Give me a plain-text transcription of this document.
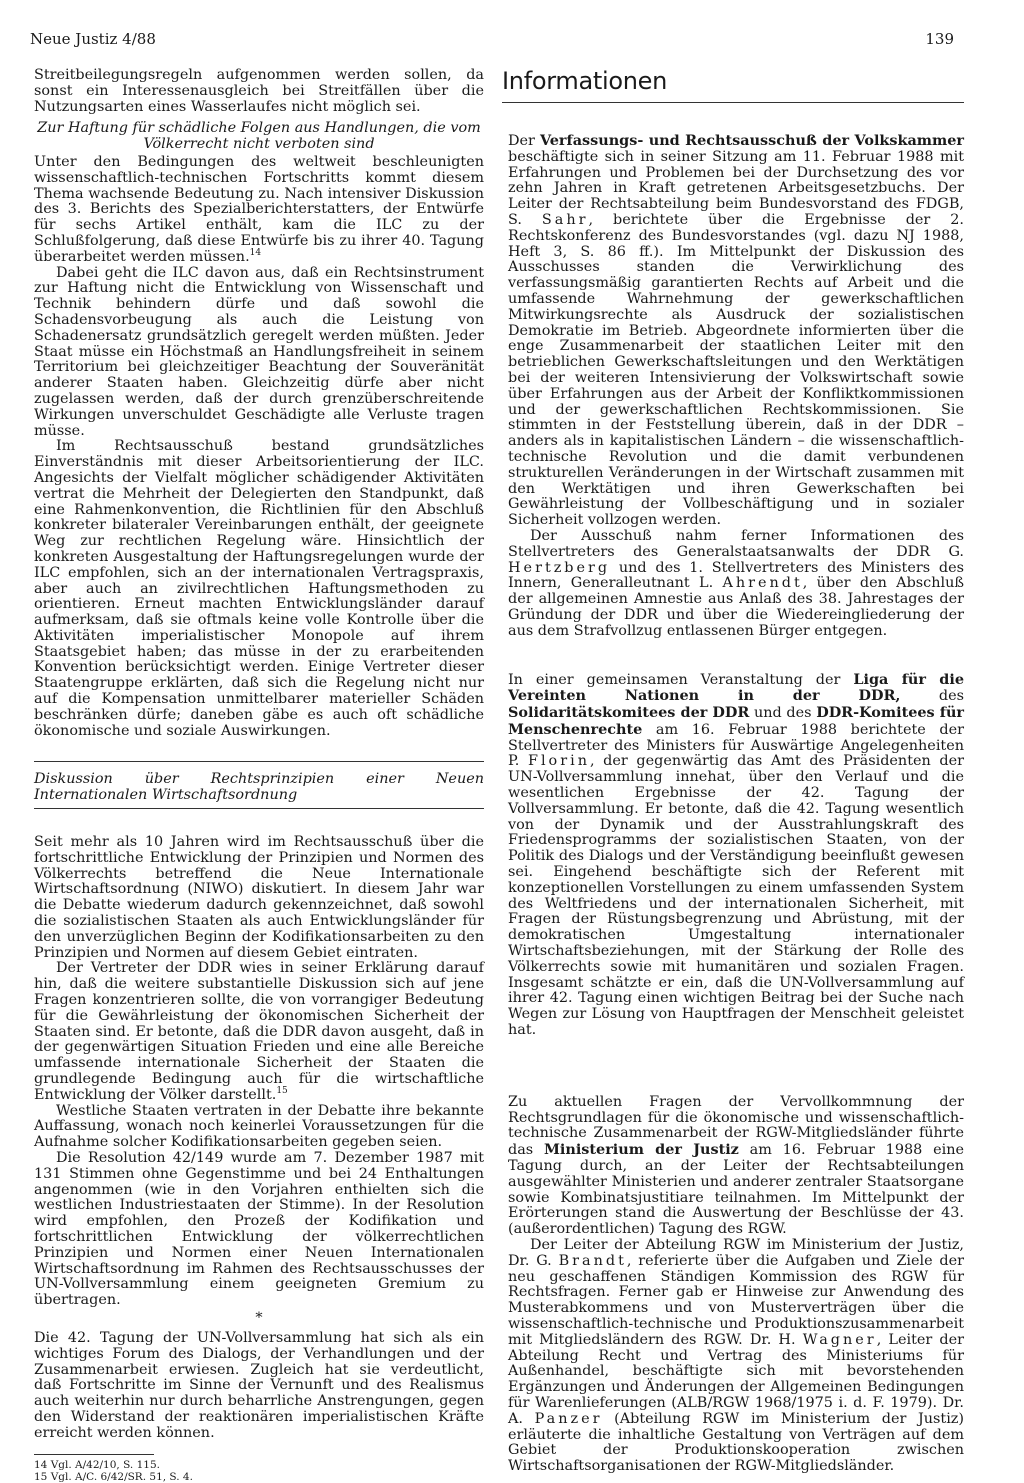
Neue Justiz 4/88	139

Streitbeilegungsregeln aufgenommen werden sollen, da sonst ein Interessenausgleich bei Streitfällen über die Nutzungsarten eines Wasserlaufes nicht möglich sei.

Zur Haftung für schädliche Folgen aus Handlungen, die vom Völkerrecht nicht verboten sind

Unter den Bedingungen des weltweit beschleunigten wissenschaftlich-technischen Fortschritts kommt diesem Thema wachsende Bedeutung zu. Nach intensiver Diskussion des 3. Berichts des Spezialberichterstatters, der Entwürfe für sechs Artikel enthält, kam die ILC zu der Schlußfolgerung, daß diese Entwürfe bis zu ihrer 40. Tagung überarbeitet werden müssen.$^{14}$

Dabei geht die ILC davon aus, daß ein Rechtsinstrument zur Haftung nicht die Entwicklung von Wissenschaft und Technik behindern dürfe und daß sowohl die Schadensvorbeugung als auch die Leistung von Schadenersatz grundsätzlich geregelt werden müßten. Jeder Staat müsse ein Höchstmaß an Handlungsfreiheit in seinem Territorium bei gleichzeitiger Beachtung der Souveränität anderer Staaten haben. Gleichzeitig dürfe aber nicht zugelassen werden, daß der durch grenzüberschreitende Wirkungen unverschuldet Geschädigte alle Verluste tragen müsse.

Im Rechtsausschuß bestand grundsätzliches Einverständnis mit dieser Arbeitsorientierung der ILC. Angesichts der Vielfalt möglicher schädigender Aktivitäten vertrat die Mehrheit der Delegierten den Standpunkt, daß eine Rahmenkonvention, die Richtlinien für den Abschluß konkreter bilateraler Vereinbarungen enthält, der geeignete Weg zur rechtlichen Regelung wäre. Hinsichtlich der konkreten Ausgestaltung der Haftungsregelungen wurde der ILC empfohlen, sich an der internationalen Vertragspraxis, aber auch an zivilrechtlichen Haftungsmethoden zu orientieren. Erneut machten Entwicklungsländer darauf aufmerksam, daß sie oftmals keine volle Kontrolle über die Aktivitäten imperialistischer Monopole auf ihrem Staatsgebiet haben; das müsse in der zu erarbeitenden Konvention berücksichtigt werden. Einige Vertreter dieser Staatengruppe erklärten, daß sich die Regelung nicht nur auf die Kompensation unmittelbarer materieller Schäden beschränken dürfe; daneben gäbe es auch oft schädliche ökonomische und soziale Auswirkungen.

Diskussion über Rechtsprinzipien einer Neuen Internationalen Wirtschaftsordnung

Seit mehr als 10 Jahren wird im Rechtsausschuß über die fortschrittliche Entwicklung der Prinzipien und Normen des Völkerrechts betreffend die Neue Internationale Wirtschaftsordnung (NIWO) diskutiert. In diesem Jahr war die Debatte wiederum dadurch gekennzeichnet, daß sowohl die sozialistischen Staaten als auch Entwicklungsländer für den unverzüglichen Beginn der Kodifikationsarbeiten zu den Prinzipien und Normen auf diesem Gebiet eintraten.

Der Vertreter der DDR wies in seiner Erklärung darauf hin, daß die weitere substantielle Diskussion sich auf jene Fragen konzentrieren sollte, die von vorrangiger Bedeutung für die Gewährleistung der ökonomischen Sicherheit der Staaten sind. Er betonte, daß die DDR davon ausgeht, daß in der gegenwärtigen Situation Frieden und eine alle Bereiche umfassende internationale Sicherheit der Staaten die grundlegende Bedingung auch für die wirtschaftliche Entwicklung der Völker darstellt.$^{15}$

Westliche Staaten vertraten in der Debatte ihre bekannte Auffassung, wonach noch keinerlei Voraussetzungen für die Aufnahme solcher Kodifikationsarbeiten gegeben seien.

Die Resolution 42/149 wurde am 7. Dezember 1987 mit 131 Stimmen ohne Gegenstimme und bei 24 Enthaltungen angenommen (wie in den Vorjahren enthielten sich die westlichen Industriestaaten der Stimme). In der Resolution wird empfohlen, den Prozeß der Kodifikation und fortschrittlichen Entwicklung der völkerrechtlichen Prinzipien und Normen einer Neuen Internationalen Wirtschaftsordnung im Rahmen des Rechtsausschusses der UN-Vollversammlung einem geeigneten Gremium zu übertragen.

*

Die 42. Tagung der UN-Vollversammlung hat sich als ein wichtiges Forum des Dialogs, der Verhandlungen und der Zusammenarbeit erwiesen. Zugleich hat sie verdeutlicht, daß Fortschritte im Sinne der Vernunft und des Realismus auch weiterhin nur durch beharrliche Anstrengungen, gegen den Widerstand der reaktionären imperialistischen Kräfte erreicht werden können.

14 Vgl. A/42/10, S. 115.
15 Vgl. A/C. 6/42/SR. 51, S. 4.
Informationen

Der Verfassungs- und Rechtsausschuß der Volkskammer beschäftigte sich in seiner Sitzung am 11. Februar 1988 mit Erfahrungen und Problemen bei der Durchsetzung des vor zehn Jahren in Kraft getretenen Arbeitsgesetzbuchs. Der Leiter der Rechtsabteilung beim Bundesvorstand des FDGB, S. Sahr, berichtete über die Ergebnisse der 2. Rechtskonferenz des Bundesvorstandes (vgl. dazu NJ 1988, Heft 3, S. 86 ff.). Im Mittelpunkt der Diskussion des Ausschusses standen die Verwirklichung des verfassungsmäßig garantierten Rechts auf Arbeit und die umfassende Wahrnehmung der gewerkschaftlichen Mitwirkungsrechte als Ausdruck der sozialistischen Demokratie im Betrieb. Abgeordnete informierten über die enge Zusammenarbeit der staatlichen Leiter mit den betrieblichen Gewerkschaftsleitungen und den Werktätigen bei der weiteren Intensivierung der Volkswirtschaft sowie über Erfahrungen aus der Arbeit der Konfliktkommissionen und der gewerkschaftlichen Rechtskommissionen. Sie stimmten in der Feststellung überein, daß in der DDR – anders als in kapitalistischen Ländern – die wissenschaftlich-technische Revolution und die damit verbundenen strukturellen Veränderungen in der Wirtschaft zusammen mit den Werktätigen und ihren Gewerkschaften bei Gewährleistung der Vollbeschäftigung und in sozialer Sicherheit vollzogen werden.

Der Ausschuß nahm ferner Informationen des Stellvertreters des Generalstaatsanwalts der DDR G. Hertzberg und des 1. Stellvertreters des Ministers des Innern, Generalleutnant L. Ahrendt, über den Abschluß der allgemeinen Amnestie aus Anlaß des 38. Jahrestages der Gründung der DDR und über die Wiedereingliederung der aus dem Strafvollzug entlassenen Bürger entgegen.

In einer gemeinsamen Veranstaltung der Liga für die Vereinten Nationen in der DDR, des Solidaritätskomitees der DDR und des DDR-Komitees für Menschenrechte am 16. Februar 1988 berichtete der Stellvertreter des Ministers für Auswärtige Angelegenheiten P. Florin, der gegenwärtig das Amt des Präsidenten der UN-Vollversammlung innehat, über den Verlauf und die wesentlichen Ergebnisse der 42. Tagung der Vollversammlung. Er betonte, daß die 42. Tagung wesentlich von der Dynamik und der Ausstrahlungskraft des Friedensprogramms der sozialistischen Staaten, von der Politik des Dialogs und der Verständigung beeinflußt gewesen sei. Eingehend beschäftigte sich der Referent mit konzeptionellen Vorstellungen zu einem umfassenden System des Weltfriedens und der internationalen Sicherheit, mit Fragen der Rüstungsbegrenzung und Abrüstung, mit der demokratischen Umgestaltung internationaler Wirtschaftsbeziehungen, mit der Stärkung der Rolle des Völkerrechts sowie mit humanitären und sozialen Fragen. Insgesamt schätzte er ein, daß die UN-Vollversammlung auf ihrer 42. Tagung einen wichtigen Beitrag bei der Suche nach Wegen zur Lösung von Hauptfragen der Menschheit geleistet hat.

Zu aktuellen Fragen der Vervollkommnung der Rechtsgrundlagen für die ökonomische und wissenschaftlich-technische Zusammenarbeit der RGW-Mitgliedsländer führte das Ministerium der Justiz am 16. Februar 1988 eine Tagung durch, an der Leiter der Rechtsabteilungen ausgewählter Ministerien und anderer zentraler Staatsorgane sowie Kombinatsjustitiare teilnahmen. Im Mittelpunkt der Erörterungen stand die Auswertung der Beschlüsse der 43. (außerordentlichen) Tagung des RGW.

Der Leiter der Abteilung RGW im Ministerium der Justiz, Dr. G. Brandt, referierte über die Aufgaben und Ziele der neu geschaffenen Ständigen Kommission des RGW für Rechtsfragen. Ferner gab er Hinweise zur Anwendung des Musterabkommens und von Musterverträgen über die wissenschaftlich-technische und Produktionszusammenarbeit mit Mitgliedsländern des RGW. Dr. H. Wagner, Leiter der Abteilung Recht und Vertrag des Ministeriums für Außenhandel, beschäftigte sich mit bevorstehenden Ergänzungen und Änderungen der Allgemeinen Bedingungen für Warenlieferungen (ALB/RGW 1968/1975 i. d. F. 1979). Dr. A. Panzer (Abteilung RGW im Ministerium der Justiz) erläuterte die inhaltliche Gestaltung von Verträgen auf dem Gebiet der Produktionskooperation zwischen Wirtschaftsorganisationen der RGW-Mitgliedsländer.
